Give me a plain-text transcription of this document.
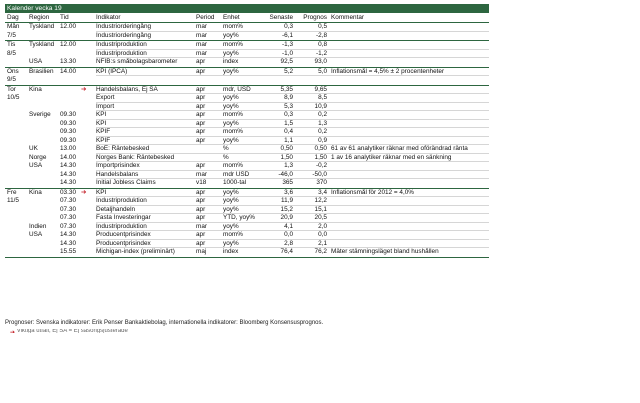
Kalender vecka 19
Dag	Region	Tid	Indikator	Period	Enhet	Senaste	Prognos Kommentar
Mån	Tyskland 12.00	Industriorderingång	mar	mom%	0,3	0,5
7/5	Industriorderingång	mar	yoy%	-6,1	-2,8
Tis	Tyskland 12.00	Industriproduktion	mar	mom%	-1,3	0,8
8/5	Industriproduktion	mar	yoy%	-1,0	-1,2
USA	13.30	NFIB:s småbolagsbarometer	apr	index	92,5	93,0
Ons	Brasilien	14.00	KPI (IPCA)	apr	yoy%	5,2	5,0 Inflationsmål = 4,5% ± 2 procentenheter
9/5
Tor	Kina	➔	Handelsbalans, Ej SA	apr	mdr, USD	5,35	9,65
10/5	Export	apr	yoy%	8,9	8,5
Import	apr	yoy%	5,3	10,9
Sverige	09.30	KPI	apr	mom%	0,3	0,2
09.30	KPI	apr	yoy%	1,5	1,3
09.30	KPIF	apr	mom%	0,4	0,2
09.30	KPIF	apr	yoy%	1,1	0,9
UK	13.00	BoE: Räntebesked	%	0,50	0,50 61 av 61 analytiker räknar med oförändrad ränta
Norge	14.00	Norges Bank: Räntebesked	%	1,50	1,50 1 av 16 analytiker räknar med en sänkning
USA	14.30	Importprisindex	apr	mom%	1,3	-0,2
14.30	Handelsbalans	mar	mdr USD	-46,0	-50,0
14.30	Initial Jobless Claims	v18	1000-tal	365	370
Fre	Kina	03.30 ➔	KPI	apr	yoy%	3,6	3,4 Inflationsmål för 2012 = 4,0%
11/5	07.30	Industriproduktion	apr	yoy%	11,9	12,2
07.30	Detaljhandeln	apr	yoy%	15,2	15,1
07.30	Fasta Investeringar	apr	YTD, yoy%	20,9	20,5
Indien	07.30	Industriproduktion	mar	yoy%	4,1	2,0
USA	14.30	Producentprisindex	apr	mom%	0,0	0,0
14.30	Producentprisindex	apr	yoy%	2,8	2,1
15.55	Michigan-index (preliminärt)	maj	index	76,4	76,2 Mäter stämningsläget bland hushållen
Prognoser: Svenska indikatorer: Erik Penser Bankaktiebolag, internationella indikatorer: Bloomberg Konsensusprognos.
➔ Viktiga utfall, Ej SA = Ej säsongsjusterade
